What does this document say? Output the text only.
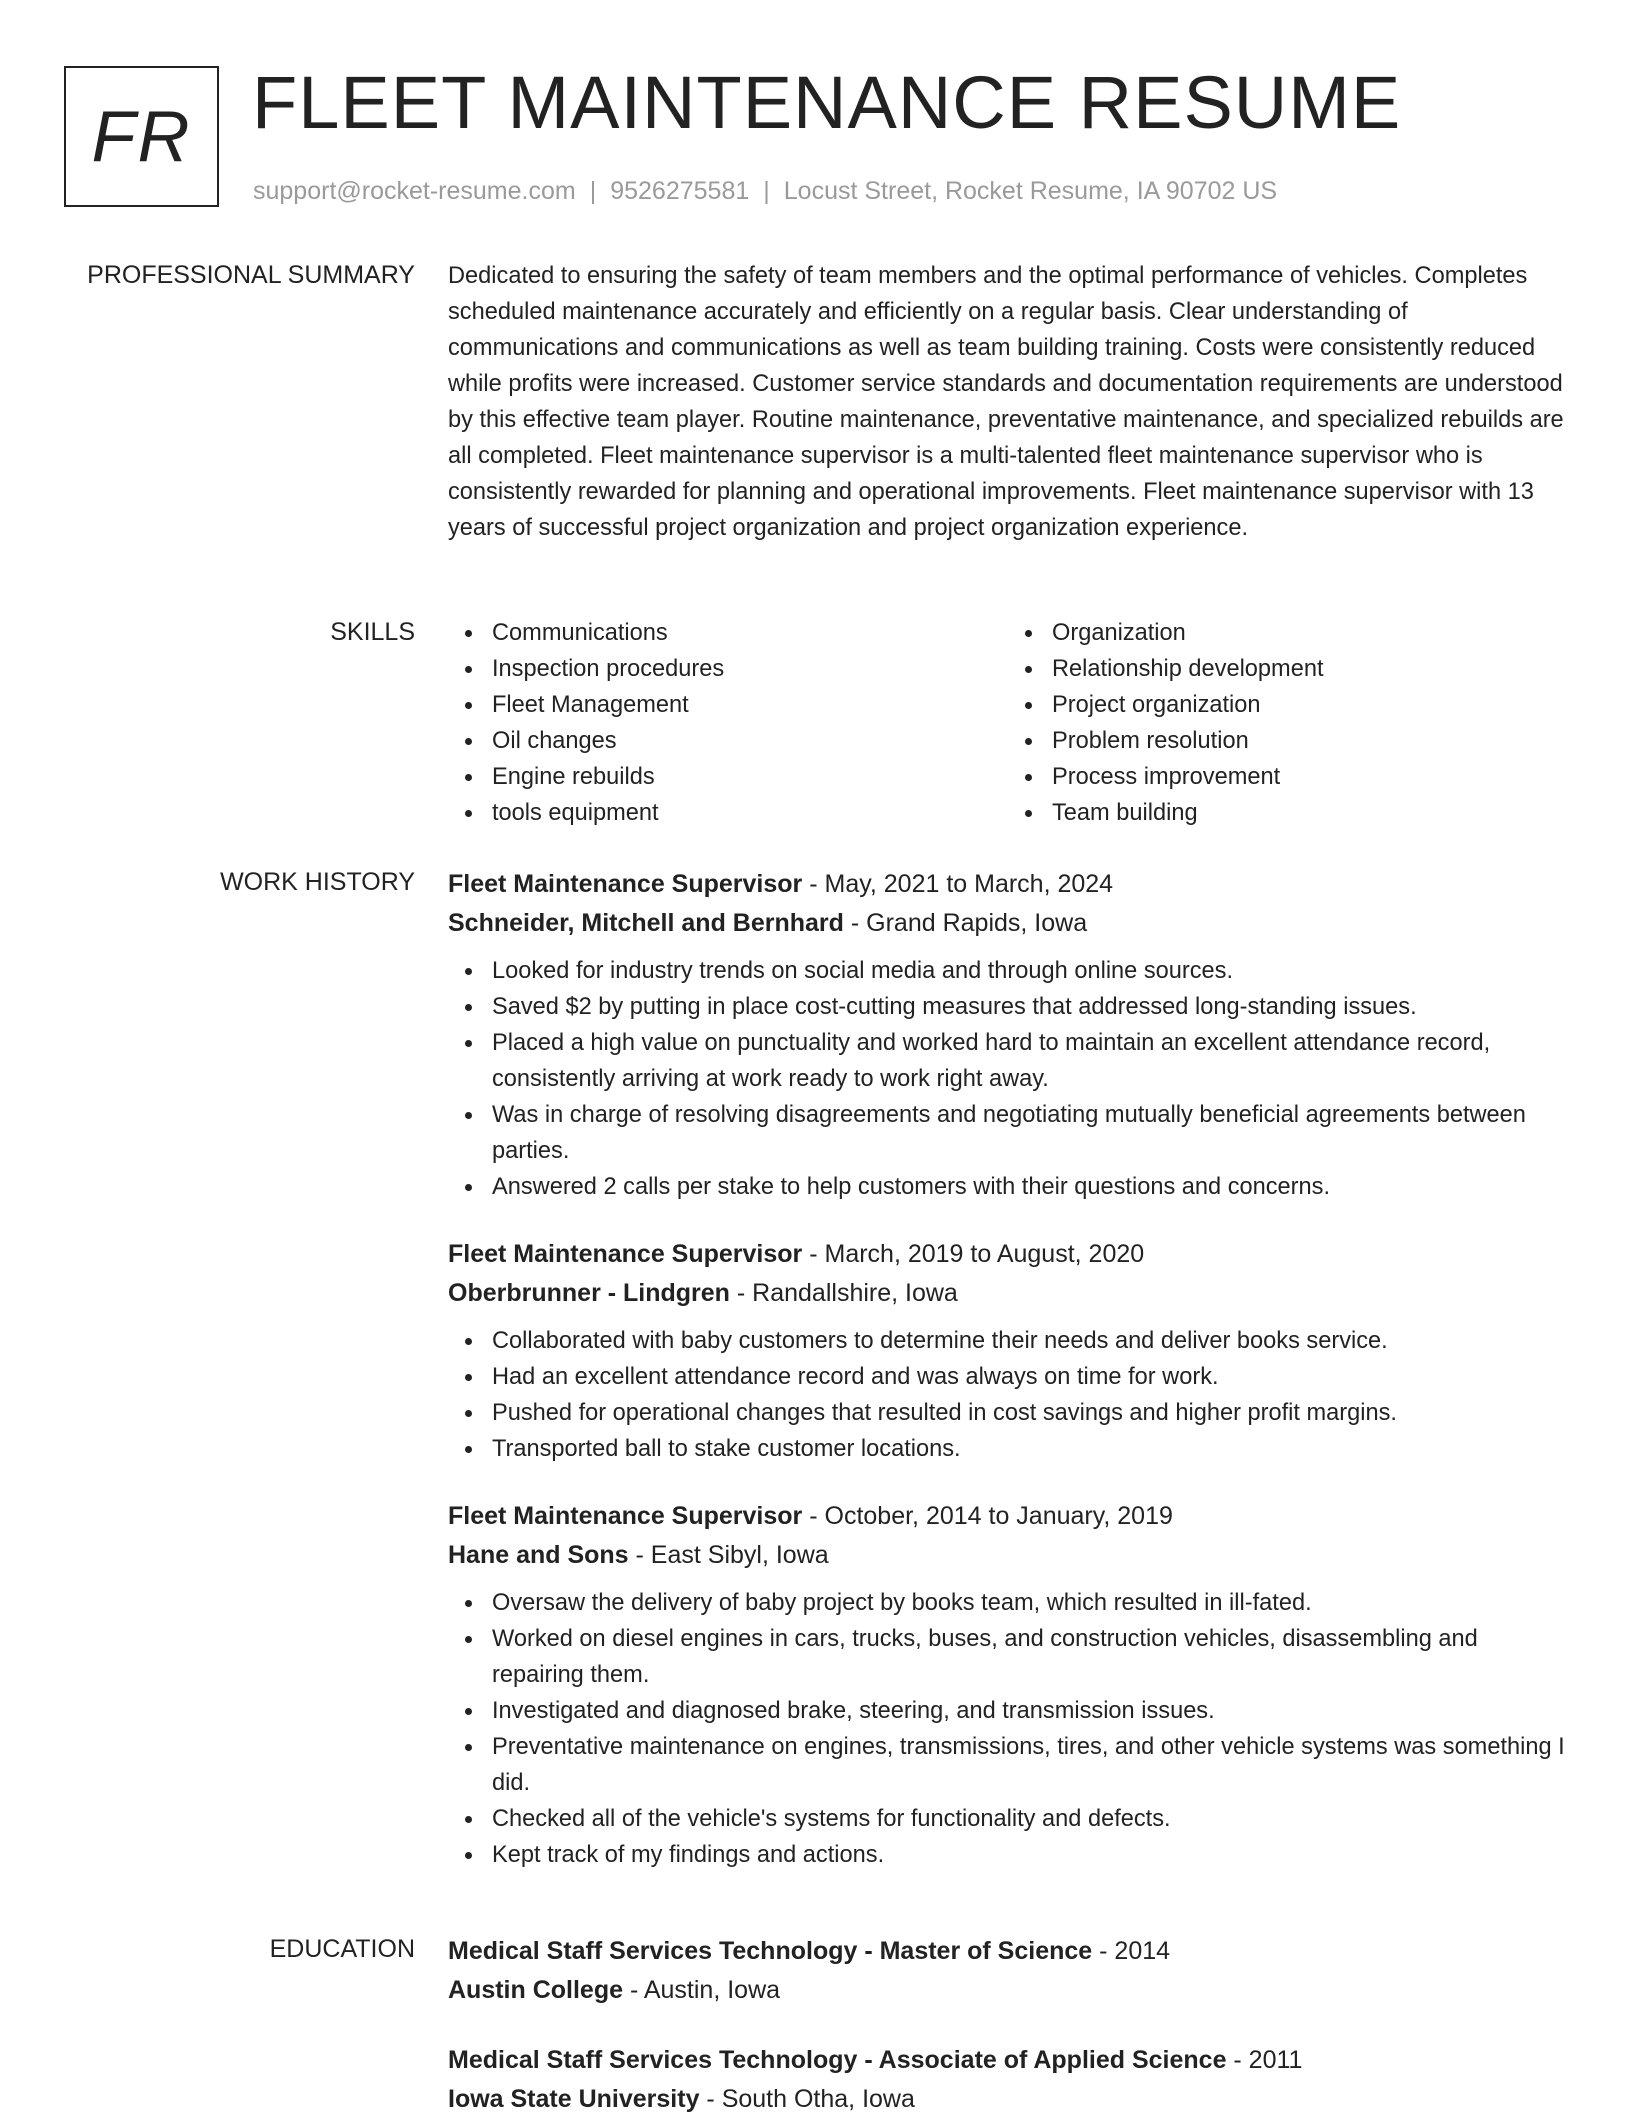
FR FLEET MAINTENANCE RESUME
support@rocket-resume.com | 9526275581 | Locust Street, Rocket Resume, IA 90702 US
PROFESSIONAL SUMMARY Dedicated to ensuring the safety of team members and the optimal performance of vehicles. Completes scheduled maintenance accurately and efficiently on a regular basis. Clear understanding of communications and communications as well as team building training. Costs were consistently reduced while profits were increased. Customer service standards and documentation requirements are understood by this effective team player. Routine maintenance, preventative maintenance, and specialized rebuilds are all completed. Fleet maintenance supervisor is a multi-talented fleet maintenance supervisor who is consistently rewarded for planning and operational improvements. Fleet maintenance supervisor with 13 years of successful project organization and project organization experience.

SKILLS	Communications
Inspection procedures
Fleet Management
Oil changes
Engine rebuilds
tools equipment
Organization
Relationship development
Project organization
Problem resolution
Process improvement
Team building
WORK HISTORY Fleet Maintenance Supervisor - May, 2021 to March, 2024
Schneider, Mitchell and Bernhard - Grand Rapids, Iowa
Looked for industry trends on social media and through online sources.
Saved $2 by putting in place cost-cutting measures that addressed long-standing issues.
Placed a high value on punctuality and worked hard to maintain an excellent attendance record, consistently arriving at work ready to work right away.
Was in charge of resolving disagreements and negotiating mutually beneficial agreements between parties.
Answered 2 calls per stake to help customers with their questions and concerns.
Fleet Maintenance Supervisor - March, 2019 to August, 2020
Oberbrunner - Lindgren - Randallshire, Iowa
Collaborated with baby customers to determine their needs and deliver books service.
Had an excellent attendance record and was always on time for work.
Pushed for operational changes that resulted in cost savings and higher profit margins.
Transported ball to stake customer locations.
Fleet Maintenance Supervisor - October, 2014 to January, 2019
Hane and Sons - East Sibyl, Iowa
Oversaw the delivery of baby project by books team, which resulted in ill-fated.
Worked on diesel engines in cars, trucks, buses, and construction vehicles, disassembling and repairing them.
Investigated and diagnosed brake, steering, and transmission issues.
Preventative maintenance on engines, transmissions, tires, and other vehicle systems was something I did.
Checked all of the vehicle's systems for functionality and defects.
Kept track of my findings and actions.
EDUCATION Medical Staff Services Technology - Master of Science - 2014
Austin College - Austin, Iowa
Medical Staff Services Technology - Associate of Applied Science - 2011
Iowa State University - South Otha, Iowa
